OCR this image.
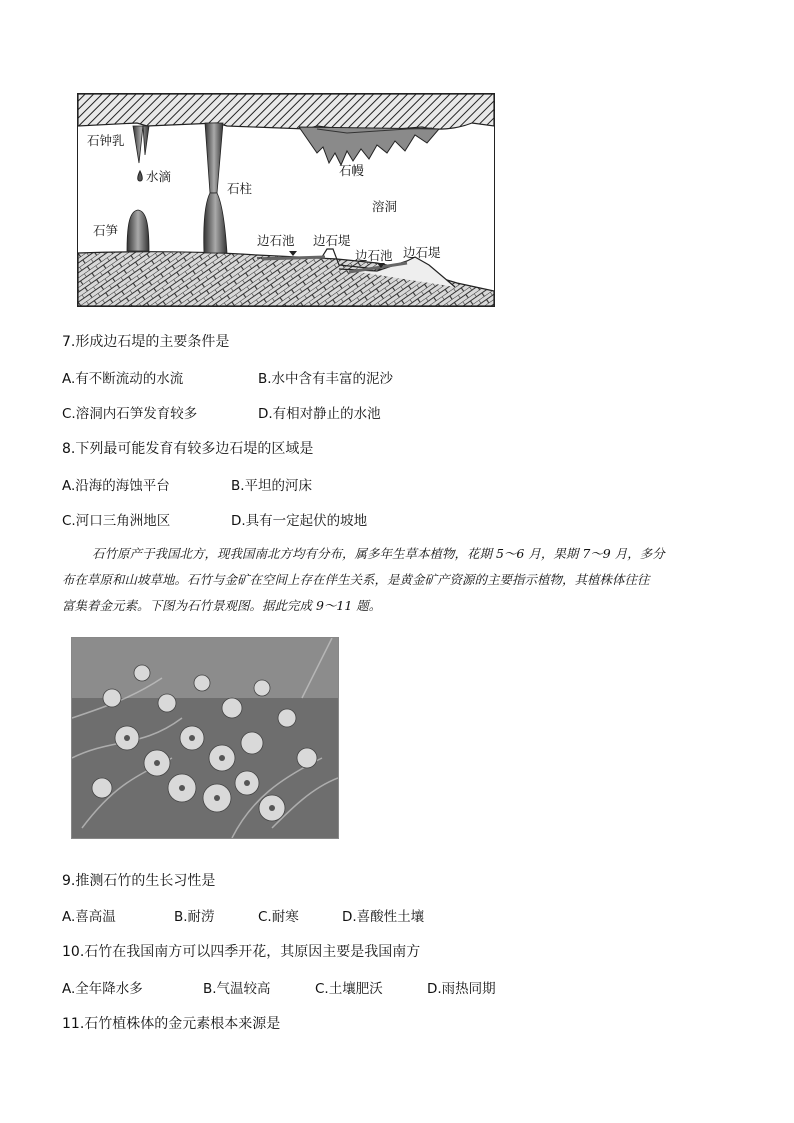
石钟乳
水滴
石柱
石幔
溶洞
石笋
边石池 边石堤
边石池 边石堤
7.形成边石堤的主要条件是
A.有不断流动的水流	B.水中含有丰富的泥沙
C.溶洞内石笋发育较多	D.有相对静止的水池
8.下列最可能发育有较多边石堤的区域是
A.沿海的海蚀平台	B.平坦的河床
C.河口三角洲地区	D.具有一定起伏的坡地
石竹原产于我国北方，现我国南北方均有分布，属多年生草本植物，花期 5～6 月，果期 7～9 月，多分
布在草原和山坡草地。石竹与金矿在空间上存在伴生关系，是黄金矿产资源的主要指示植物，其植株体往往
富集着金元素。下图为石竹景观图。据此完成 9～11 题。
9.推测石竹的生长习性是
A.喜高温	B.耐涝	C.耐寒	D.喜酸性土壤
10.石竹在我国南方可以四季开花，其原因主要是我国南方
A.全年降水多	B.气温较高	C.土壤肥沃	D.雨热同期
11.石竹植株体的金元素根本来源是
